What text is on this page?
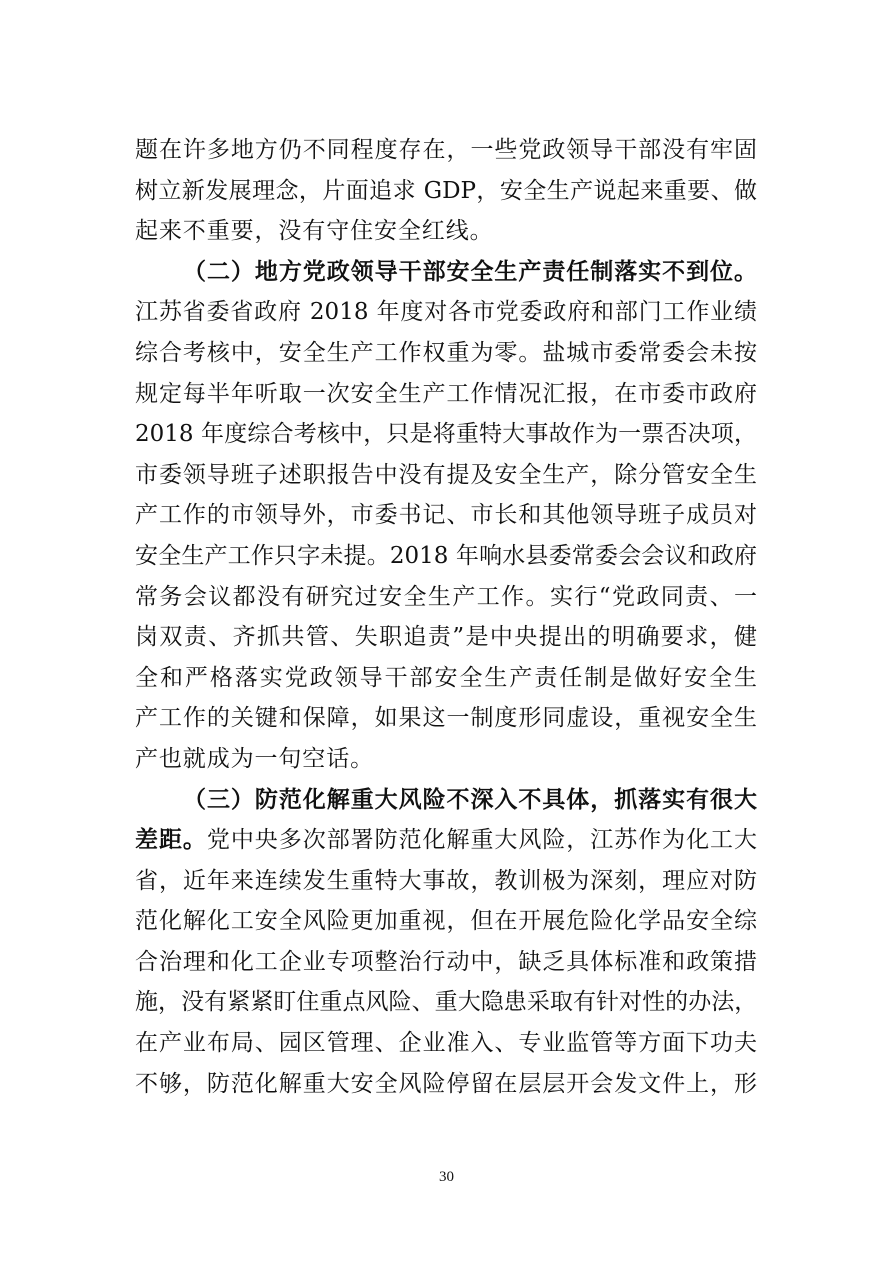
题在许多地方仍不同程度存在，一些党政领导干部没有牢固
树立新发展理念，片面追求 GDP，安全生产说起来重要、做
起来不重要，没有守住安全红线。
（二）地方党政领导干部安全生产责任制落实不到位。
江苏省委省政府 2018 年度对各市党委政府和部门工作业绩
综合考核中，安全生产工作权重为零。盐城市委常委会未按
规定每半年听取一次安全生产工作情况汇报，在市委市政府
2018 年度综合考核中，只是将重特大事故作为一票否决项，
市委领导班子述职报告中没有提及安全生产，除分管安全生
产工作的市领导外，市委书记、市长和其他领导班子成员对
安全生产工作只字未提。2018 年响水县委常委会会议和政府
常务会议都没有研究过安全生产工作。实行“党政同责、一
岗双责、齐抓共管、失职追责”是中央提出的明确要求，健
全和严格落实党政领导干部安全生产责任制是做好安全生
产工作的关键和保障，如果这一制度形同虚设，重视安全生
产也就成为一句空话。
（三）防范化解重大风险不深入不具体，抓落实有很大
差距。党中央多次部署防范化解重大风险，江苏作为化工大
省，近年来连续发生重特大事故，教训极为深刻，理应对防
范化解化工安全风险更加重视，但在开展危险化学品安全综
合治理和化工企业专项整治行动中，缺乏具体标准和政策措
施，没有紧紧盯住重点风险、重大隐患采取有针对性的办法，
在产业布局、园区管理、企业准入、专业监管等方面下功夫
不够，防范化解重大安全风险停留在层层开会发文件上，形
30
